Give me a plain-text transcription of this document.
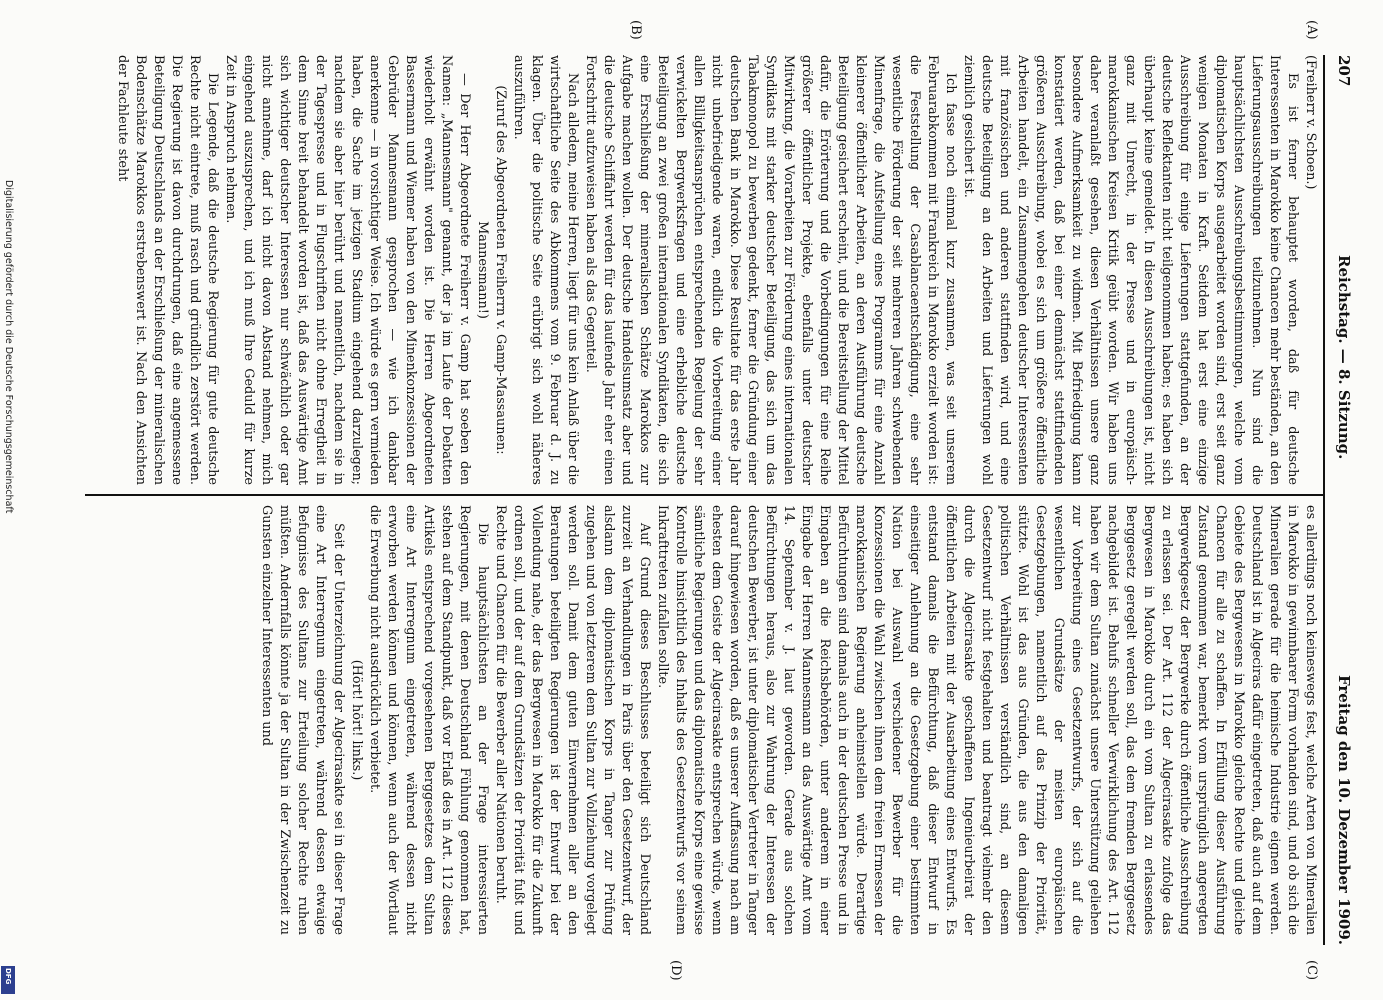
207
Reichstag. — 8. Sitzung.
Freitag den 10. Dezember 1909.
(A)
(B)
(C)
(D)

(Freiherr v. Schoen.)

Es ist ferner behauptet worden, daß für deutsche Interessenten in Marokko keine Chancen mehr beständen, an den Lieferungsausschreibungen teilzunehmen. Nun sind die hauptsächlichsten Ausschreibungsbestimmungen, welche vom diplomatischen Korps ausgearbeitet worden sind, erst seit ganz wenigen Monaten in Kraft. Seitdem hat erst eine einzige Ausschreibung für einige Lieferungen stattgefunden, an der deutsche Reflektanten nicht teilgenommen haben; es haben sich überhaupt keine gemeldet. In diesen Ausschreibungen ist, nicht ganz mit Unrecht, in der Presse und in europäisch-marokkanischen Kreisen Kritik geübt worden. Wir haben uns daher veranlaßt gesehen, diesen Verhältnissen unsere ganz besondere Aufmerksamkeit zu widmen. Mit Befriedigung kann konstatiert werden, daß bei einer demnächst stattfindenden größeren Ausschreibung, wobei es sich um größere öffentliche Arbeiten handelt, ein Zusammengehen deutscher Interessenten mit französischen und anderen stattfinden wird, und eine deutsche Beteiligung an den Arbeiten und Lieferungen wohl ziemlich gesichert ist.

Ich fasse noch einmal kurz zusammen, was seit unserem Februarabkommen mit Frankreich in Marokko erzielt worden ist: die Feststellung der Casablancaentschädigung, eine sehr wesentliche Förderung der seit mehreren Jahren schwebenden Minenfrage, die Aufstellung eines Programms für eine Anzahl kleinerer öffentlicher Arbeiten, an deren Ausführung deutsche Beteiligung gesichert erscheint, und die Bereitstellung der Mittel dafür, die Erörterung und die Vorbedingungen für eine Reihe größerer öffentlicher Projekte, ebenfalls unter deutscher Mitwirkung, die Vorarbeiten zur Förderung eines internationalen Syndikats mit starker deutscher Beteiligung, das sich um das Tabakmonopol zu bewerben gedenkt, ferner die Gründung einer deutschen Bank in Marokko. Diese Resultate für das erste Jahr nicht unbefriedigende waren, endlich die Vorbereitung einer allen Billigkeitsansprüchen entsprechenden Regelung der sehr verwickelten Bergwerksfragen und eine erhebliche deutsche Beteiligung an zwei großen internationalen Syndikaten, die sich eine Erschließung der mineralischen Schätze Marokkos zur Aufgabe machen wollen. Der deutsche Handelsumsatz aber und die deutsche Schiffahrt werden für das laufende Jahr eher einen Fortschritt aufzuweisen haben als das Gegenteil.

Nach alledem, meine Herren, liegt für uns kein Anlaß über die wirtschaftliche Seite des Abkommens vom 9. Februar d. J. zu klagen. Über die politische Seite erübrigt sich wohl näheres auszuführen.

(Zuruf des Abgeordneten Freiherrn v. Gamp-Massaunen: Mannesmann!)

— Der Herr Abgeordnete Freiherr v. Gamp hat soeben den Namen: „Mannesmann" genannt, der ja im Laufe der Debatten wiederholt erwähnt worden ist. Die Herren Abgeordneten Bassermann und Wiemer haben von den Minenkonzessionen der Gebrüder Mannesmann gesprochen — wie ich dankbar anerkenne — in vorsichtiger Weise. Ich würde es gern vermieden haben, die Sache im jetzigen Stadium eingehend darzulegen; nachdem sie aber hier berührt und namentlich, nachdem sie in der Tagespresse und in Flugschriften nicht ohne Erregtheit in dem Sinne breit behandelt worden ist, daß das Auswärtige Amt sich wichtiger deutscher Interessen nur schwächlich oder gar nicht annehme, darf ich nicht davon Abstand nehmen, mich eingehend auszusprechen, und ich muß Ihre Geduld für kurze Zeit in Anspruch nehmen.

Die Legende, daß die deutsche Regierung für gute deutsche Rechte nicht eintrete, muß rasch und gründlich zerstört werden. Die Regierung ist davon durchdrungen, daß eine angemessene Beteiligung Deutschlands an der Erschließung der mineralischen Bodenschätze Marokkos erstrebenswert ist. Nach den Ansichten der Fachleute steht

es allerdings noch keineswegs fest, welche Arten von Mineralien in Marokko in gewinnbarer Form vorhanden sind, und ob sich die Mineralien gerade für die heimische Industrie eignen werden. Deutschland ist in Algeciras dafür eingetreten, daß auch auf dem Gebiete des Bergwesens in Marokko gleiche Rechte und gleiche Chancen für alle zu schaffen. In Erfüllung dieser Ausführung Zustand genommen war, bemerkt vom ursprünglich angeregten Bergwerkgesetz der Bergwerke durch öffentliche Ausschreibung zu erlassen sei. Der Art. 112 der Algecirasakte zufolge das Bergwesen in Marokko durch ein vom Sultan zu erlassendes Berggesetz geregelt werden soll, das dem fremden Berggesetz nachgebildet ist. Behufs schneller Verwirklichung des Art. 112 haben wir dem Sultan zunächst unsere Unterstützung geliehen zur Vorbereitung eines Gesetzentwurfs, der sich auf die wesentlichen Grundsätze der meisten europäischen Gesetzgebungen, namentlich auf das Prinzip der Priorität, stützte. Wohl ist das aus Gründen, die aus den damaligen politischen Verhältnissen verständlich sind, an diesem Gesetzentwurf nicht festgehalten und beantragt vielmehr den durch die Algecirasakte geschaffenen Ingenieurbeirat der öffentlichen Arbeiten mit der Ausarbeitung eines Entwurfs. Es entstand damals die Befürchtung, daß dieser Entwurf in einseitiger Anlehnung an die Gesetzgebung einer bestimmten Nation bei Auswahl verschiedener Bewerber für die Konzessionen die Wahl zwischen ihnen dem freien Ermessen der marokkanischen Regierung anheimstellen würde. Derartige Befürchtungen sind damals auch in der deutschen Presse und in Eingaben an die Reichsbehörden, unter anderem in einer Eingabe der Herren Mannesmann an das Auswärtige Amt vom 14. September v. J. laut geworden. Gerade aus solchen Befürchtungen heraus, also zur Wahrung der Interessen der deutschen Bewerber, ist unter diplomatischer Vertreter in Tanger darauf hingewiesen worden, daß es unserer Auffassung nach am ehesten dem Geiste der Algecirasakte entsprechen würde, wenn sämtliche Regierungen und das diplomatische Korps eine gewisse Kontrolle hinsichtlich des Inhalts des Gesetzentwurfs vor seinem Inkrafttreten zufallen sollte.

Auf Grund dieses Beschlusses beteiligt sich Deutschland zurzeit an Verhandlungen in Paris über den Gesetzentwurf, der alsdann dem diplomatischen Korps in Tanger zur Prüfung zugehen und von letzterem dem Sultan zur Vollziehung vorgelegt werden soll. Damit dem guten Einvernehmen aller an den Beratungen beteiligten Regierungen ist der Entwurf bei der Vollendung nahe, der das Bergwesen in Marokko für die Zukunft ordnen soll, und der auf dem Grundsätzen der Priorität fußt und Rechte und Chancen für die Bewerber aller Nationen beruht.

Die hauptsächlichsten an der Frage interessierten Regierungen, mit denen Deutschland Fühlung genommen hat, stehen auf dem Standpunkt, daß vor Erlaß des in Art. 112 dieses Artikels entsprechend vorgesehenen Berggesetzes dem Sultan eine Art Interregnum eingetreten, während dessen nicht erworben werden können und können, wenn auch der Wortlaut die Erwerbung nicht ausdrücklich verbietet.

(Hört! hört! links.)

Seit der Unterzeichnung der Algecirasakte sei in dieser Frage eine Art Interregnum eingetreten, während dessen etwaige Befugnisse des Sultans zur Erteilung solcher Rechte ruhen müßten. Andernfalls könnte ja der Sultan in der Zwischenzeit zu Gunsten einzelner Interessenten und

Digitalisierung gefördert durch die Deutsche Forschungsgemeinschaft
DFG
